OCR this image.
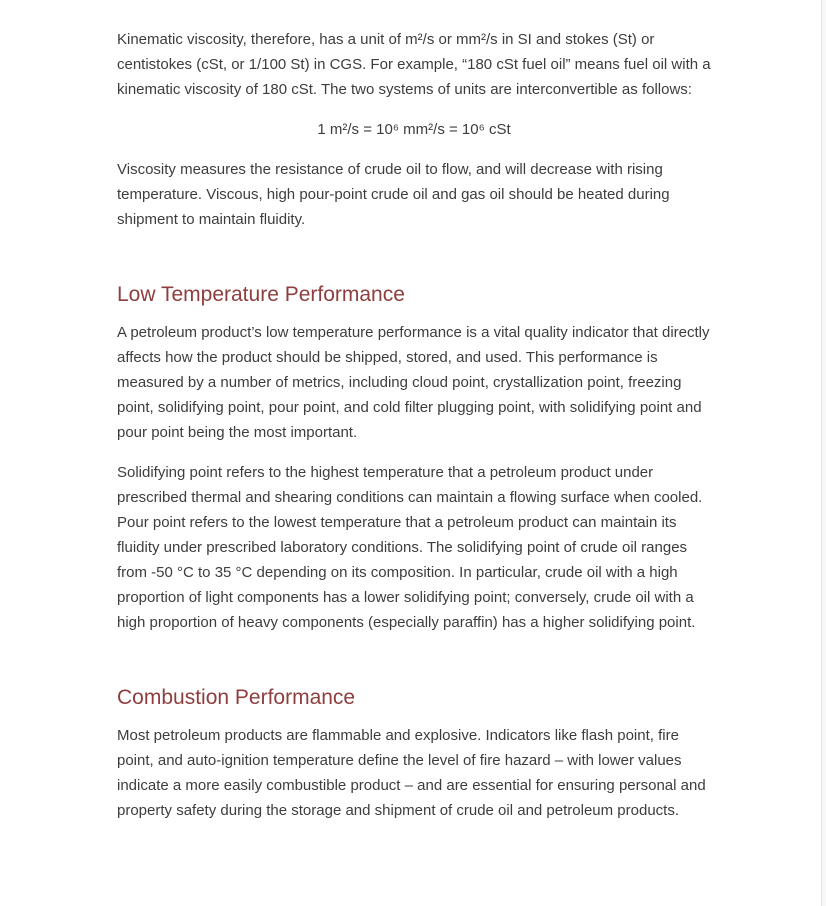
Kinematic viscosity, therefore, has a unit of m²/s or mm²/s in SI and stokes (St) or centistokes (cSt, or 1/100 St) in CGS. For example, “180 cSt fuel oil” means fuel oil with a kinematic viscosity of 180 cSt. The two systems of units are interconvertible as follows:

1 m²/s = 10⁶ mm²/s = 10⁶ cSt

Viscosity measures the resistance of crude oil to flow, and will decrease with rising temperature. Viscous, high pour-point crude oil and gas oil should be heated during shipment to maintain fluidity.

Low Temperature Performance

A petroleum product’s low temperature performance is a vital quality indicator that directly affects how the product should be shipped, stored, and used. This performance is measured by a number of metrics, including cloud point, crystallization point, freezing point, solidifying point, pour point, and cold filter plugging point, with solidifying point and pour point being the most important.

Solidifying point refers to the highest temperature that a petroleum product under prescribed thermal and shearing conditions can maintain a flowing surface when cooled. Pour point refers to the lowest temperature that a petroleum product can maintain its fluidity under prescribed laboratory conditions. The solidifying point of crude oil ranges from -50 °C to 35 °C depending on its composition. In particular, crude oil with a high proportion of light components has a lower solidifying point; conversely, crude oil with a high proportion of heavy components (especially paraffin) has a higher solidifying point.

Combustion Performance

Most petroleum products are flammable and explosive. Indicators like flash point, fire point, and auto-ignition temperature define the level of fire hazard – with lower values indicate a more easily combustible product – and are essential for ensuring personal and property safety during the storage and shipment of crude oil and petroleum products.
